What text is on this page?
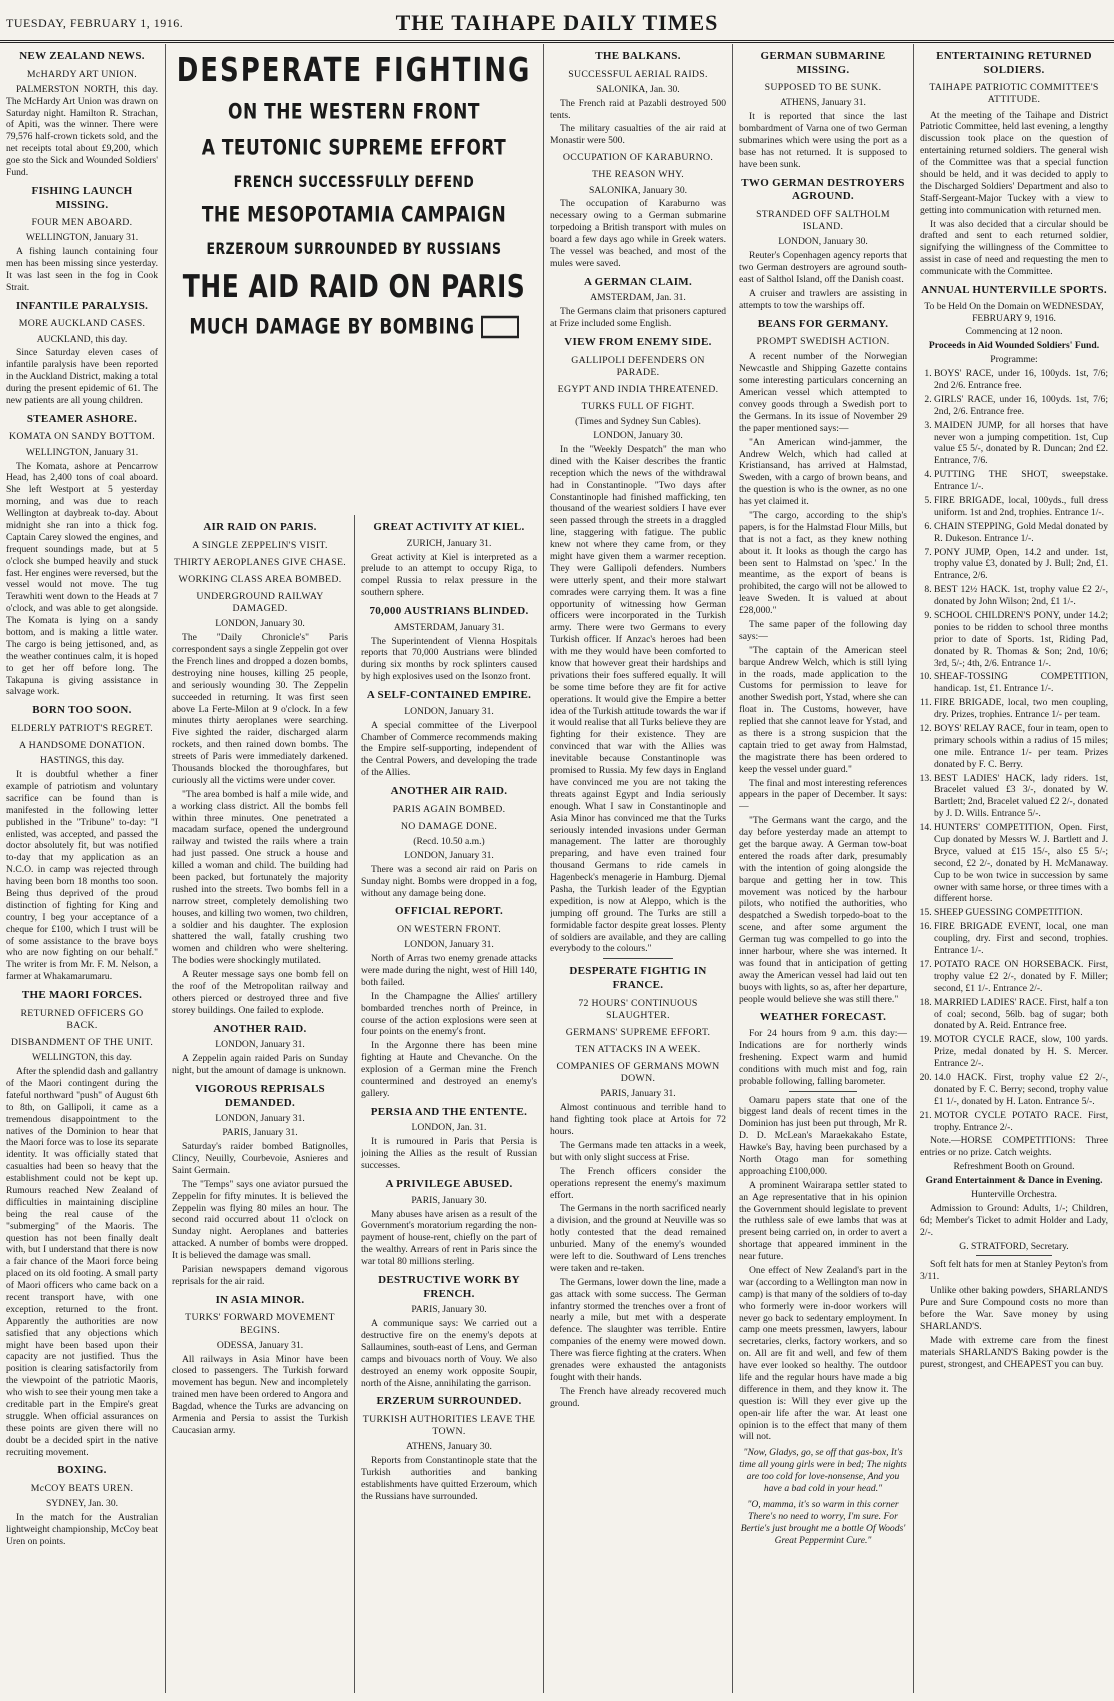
TUESDAY, FEBRUARY 1, 1916.	THE TAIHAPE DAILY TIMES
NEW ZEALAND NEWS.
McHARDY ART UNION.

PALMERSTON NORTH, this day. The McHardy Art Union was drawn on Saturday night. Hamilton R. Strachan, of Apiti, was the winner. There were 79,576 half-crown tickets sold, and the net receipts total about £9,200, which goe sto the Sick and Wounded Soldiers' Fund.

FISHING LAUNCH MISSING.
FOUR MEN ABOARD.
WELLINGTON, January 31.

A fishing launch containing four men has been missing since yesterday. It was last seen in the fog in Cook Strait.

INFANTILE PARALYSIS.
MORE AUCKLAND CASES.
AUCKLAND, this day.

Since Saturday eleven cases of infantile paralysis have been reported in the Auckland District, making a total during the present epidemic of 61. The new patients are all young children.

STEAMER ASHORE.
KOMATA ON SANDY BOTTOM.
WELLINGTON, January 31.

The Komata, ashore at Pencarrow Head, has 2,400 tons of coal aboard. She left Westport at 5 yesterday morning, and was due to reach Wellington at daybreak to-day. About midnight she ran into a thick fog. Captain Carey slowed the engines, and frequent soundings made, but at 5 o'clock she bumped heavily and stuck fast. Her engines were reversed, but the vessel would not move. The tug Terawhiti went down to the Heads at 7 o'clock, and was able to get alongside. The Komata is lying on a sandy bottom, and is making a little water. The cargo is being jettisoned, and, as the weather continues calm, it is hoped to get her off before long. The Takapuna is giving assistance in salvage work.

BORN TOO SOON.
ELDERLY PATRIOT'S REGRET.
A HANDSOME DONATION.
HASTINGS, this day.

It is doubtful whether a finer example of patriotism and voluntary sacrifice can be found than is manifested in the following letter published in the "Tribune" to-day: "I enlisted, was accepted, and passed the doctor absolutely fit, but was notified to-day that my application as an N.C.O. in camp was rejected through having been born 18 months too soon. Being thus deprived of the proud distinction of fighting for King and country, I beg your acceptance of a cheque for £100, which I trust will be of some assistance to the brave boys who are now fighting on our behalf." The writer is from Mr. F. M. Nelson, a farmer at Whakamarumaru.

THE MAORI FORCES.
RETURNED OFFICERS GO BACK.
DISBANDMENT OF THE UNIT.
WELLINGTON, this day.

After the splendid dash and gallantry of the Maori contingent during the fateful northward "push" of August 6th to 8th, on Gallipoli, it came as a tremendous disappointment to the natives of the Dominion to hear that the Maori force was to lose its separate identity. It was officially stated that casualties had been so heavy that the establishment could not be kept up. Rumours reached New Zealand of difficulties in maintaining discipline being the real cause of the "submerging" of the Maoris. The question has not been finally dealt with, but I understand that there is now a fair chance of the Maori force being placed on its old footing. A small party of Maori officers who came back on a recent transport have, with one exception, returned to the front. Apparently the authorities are now satisfied that any objections which might have been based upon their capacity are not justified. Thus the position is clearing satisfactorily from the viewpoint of the patriotic Maoris, who wish to see their young men take a creditable part in the Empire's great struggle. When official assurances on these points are given there will no doubt be a decided spirt in the native recruiting movement.

BOXING.
McCOY BEATS UREN.
SYDNEY, Jan. 30.

In the match for the Australian lightweight championship, McCoy beat Uren on points.

DESPERATE FIGHTING
ON THE WESTERN FRONT
A TEUTONIC SUPREME EFFORT
FRENCH SUCCESSFULLY DEFEND
THE MESOPOTAMIA CAMPAIGN
ERZEROUM SURROUNDED BY RUSSIANS
THE AID RAID ON PARIS
MUCH DAMAGE BY BOMBING
AIR RAID ON PARIS.
A SINGLE ZEPPELIN'S VISIT.
THIRTY AEROPLANES GIVE CHASE.
WORKING CLASS AREA BOMBED.
UNDERGROUND RAILWAY DAMAGED.
LONDON, January 30.

The "Daily Chronicle's" Paris correspondent says a single Zeppelin got over the French lines and dropped a dozen bombs, destroying nine houses, killing 25 people, and seriously wounding 30. The Zeppelin succeeded in returning. It was first seen above La Ferte-Milon at 9 o'clock. In a few minutes thirty aeroplanes were searching. Five sighted the raider, discharged alarm rockets, and then rained down bombs. The streets of Paris were immediately darkened. Thousands blocked the thoroughfares, but curiously all the victims were under cover.

"The area bombed is half a mile wide, and a working class district. All the bombs fell within three minutes. One penetrated a macadam surface, opened the underground railway and twisted the rails where a train had just passed. One struck a house and killed a woman and child. The building had been packed, but fortunately the majority rushed into the streets. Two bombs fell in a narrow street, completely demolishing two houses, and killing two women, two children, a soldier and his daughter. The explosion shattered the wall, fatally crushing two women and children who were sheltering. The bodies were shockingly mutilated.

A Reuter message says one bomb fell on the roof of the Metropolitan railway and others pierced or destroyed three and five storey buildings. One failed to explode.

ANOTHER RAID.
LONDON, January 31.

A Zeppelin again raided Paris on Sunday night, but the amount of damage is unknown.

VIGOROUS REPRISALS DEMANDED.
LONDON, January 31.
PARIS, January 31.

Saturday's raider bombed Batignolles, Clincy, Neuilly, Courbevoie, Asnieres and Saint Germain.

The "Temps" says one aviator pursued the Zeppelin for fifty minutes. It is believed the Zeppelin was flying 80 miles an hour. The second raid occurred about 11 o'clock on Sunday night. Aeroplanes and batteries attacked. A number of bombs were dropped. It is believed the damage was small.

Parisian newspapers demand vigorous reprisals for the air raid.

IN ASIA MINOR.
TURKS' FORWARD MOVEMENT BEGINS.
ODESSA, January 31.

All railways in Asia Minor have been closed to passengers. The Turkish forward movement has begun. New and incompletely trained men have been ordered to Angora and Bagdad, whence the Turks are advancing on Armenia and Persia to assist the Turkish Caucasian army.

GREAT ACTIVITY AT KIEL.
ZURICH, January 31.

Great activity at Kiel is interpreted as a prelude to an attempt to occupy Riga, to compel Russia to relax pressure in the southern sphere.

70,000 AUSTRIANS BLINDED.
AMSTERDAM, January 31.

The Superintendent of Vienna Hospitals reports that 70,000 Austrians were blinded during six months by rock splinters caused by high explosives used on the Isonzo front.

A SELF-CONTAINED EMPIRE.
LONDON, January 31.

A special committee of the Liverpool Chamber of Commerce recommends making the Empire self-supporting, independent of the Central Powers, and developing the trade of the Allies.

ANOTHER AIR RAID.
PARIS AGAIN BOMBED.
NO DAMAGE DONE.
(Recd. 10.50 a.m.)
LONDON, January 31.

There was a second air raid on Paris on Sunday night. Bombs were dropped in a fog, without any damage being done.

OFFICIAL REPORT.
ON WESTERN FRONT.
LONDON, January 31.

North of Arras two enemy grenade attacks were made during the night, west of Hill 140, both failed.

In the Champagne the Allies' artillery bombarded trenches north of Preince, in course of the action explosions were seen at four points on the enemy's front.

In the Argonne there has been mine fighting at Haute and Chevanche. On the explosion of a German mine the French countermined and destroyed an enemy's gallery.

PERSIA AND THE ENTENTE.
LONDON, Jan. 31.

It is rumoured in Paris that Persia is joining the Allies as the result of Russian successes.

A PRIVILEGE ABUSED.
PARIS, January 30.

Many abuses have arisen as a result of the Government's moratorium regarding the non-payment of house-rent, chiefly on the part of the wealthy. Arrears of rent in Paris since the war total 80 millions sterling.

DESTRUCTIVE WORK BY FRENCH.
PARIS, January 30.

A communique says: We carried out a destructive fire on the enemy's depots at Sallaumines, south-east of Lens, and German camps and bivouacs north of Vouy. We also destroyed an enemy work opposite Soupir, north of the Aisne, annihilating the garrison.

ERZERUM SURROUNDED.
TURKISH AUTHORITIES LEAVE THE TOWN.
ATHENS, January 30.

Reports from Constantinople state that the Turkish authorities and banking establishments have quitted Erzeroum, which the Russians have surrounded.

THE BALKANS.
SUCCESSFUL AERIAL RAIDS.
SALONIKA, Jan. 30.

The French raid at Pazabli destroyed 500 tents.

The military casualties of the air raid at Monastir were 500.

OCCUPATION OF KARABURNO.
THE REASON WHY.
SALONIKA, January 30.

The occupation of Karaburno was necessary owing to a German submarine torpedoing a British transport with mules on board a few days ago while in Greek waters. The vessel was beached, and most of the mules were saved.

A GERMAN CLAIM.
AMSTERDAM, Jan. 31.

The Germans claim that prisoners captured at Frize included some English.

VIEW FROM ENEMY SIDE.
GALLIPOLI DEFENDERS ON PARADE.
EGYPT AND INDIA THREATENED.
TURKS FULL OF FIGHT.
(Times and Sydney Sun Cables).
LONDON, January 30.

In the "Weekly Despatch" the man who dined with the Kaiser describes the frantic reception which the news of the withdrawal had in Constantinople. "Two days after Constantinople had finished mafficking, ten thousand of the weariest soldiers I have ever seen passed through the streets in a draggled line, staggering with fatigue. The public knew not where they came from, or they might have given them a warmer reception. They were Gallipoli defenders. Numbers were utterly spent, and their more stalwart comrades were carrying them. It was a fine opportunity of witnessing how German officers were incorporated in the Turkish army. There were two Germans to every Turkish officer. If Anzac's heroes had been with me they would have been comforted to know that however great their hardships and privations their foes suffered equally. It will be some time before they are fit for active operations. It would give the Empire a better idea of the Turkish attitude towards the war if it would realise that all Turks believe they are fighting for their existence. They are convinced that war with the Allies was inevitable because Constantinople was promised to Russia. My few days in England have convinced me you are not taking the threats against Egypt and India seriously enough. What I saw in Constantinople and Asia Minor has convinced me that the Turks seriously intended invasions under German management. The latter are thoroughly preparing, and have even trained four thousand Germans to ride camels in Hagenbeck's menagerie in Hamburg. Djemal Pasha, the Turkish leader of the Egyptian expedition, is now at Aleppo, which is the jumping off ground. The Turks are still a formidable factor despite great losses. Plenty of soldiers are available, and they are calling everybody to the colours."

DESPERATE FIGHTIG IN FRANCE.
72 HOURS' CONTINUOUS SLAUGHTER.
GERMANS' SUPREME EFFORT.
TEN ATTACKS IN A WEEK.
COMPANIES OF GERMANS MOWN DOWN.
PARIS, January 31.

Almost continuous and terrible hand to hand fighting took place at Artois for 72 hours.

The Germans made ten attacks in a week, but with only slight success at Frise.

The French officers consider the operations represent the enemy's maximum effort.

The Germans in the north sacrificed nearly a division, and the ground at Neuville was so hotly contested that the dead remained unburied. Many of the enemy's wounded were left to die. Southward of Lens trenches were taken and re-taken.

The Germans, lower down the line, made a gas attack with some success. The German infantry stormed the trenches over a front of nearly a mile, but met with a desperate defence. The slaughter was terrible. Entire companies of the enemy were mowed down. There was fierce fighting at the craters. When grenades were exhausted the antagonists fought with their hands.

The French have already recovered much ground.

GERMAN SUBMARINE MISSING.
SUPPOSED TO BE SUNK.
ATHENS, January 31.

It is reported that since the last bombardment of Varna one of two German submarines which were using the port as a base has not returned. It is supposed to have been sunk.

TWO GERMAN DESTROYERS AGROUND.
STRANDED OFF SALTHOLM ISLAND.
LONDON, January 30.

Reuter's Copenhagen agency reports that two German destroyers are aground south-east of Salthol Island, off the Danish coast.

A cruiser and trawlers are assisting in attempts to tow the warships off.

BEANS FOR GERMANY.
PROMPT SWEDISH ACTION.

A recent number of the Norwegian Newcastle and Shipping Gazette contains some interesting particulars concerning an American vessel which attempted to convey goods through a Swedish port to the Germans. In its issue of November 29 the paper mentioned says:—

"An American wind-jammer, the Andrew Welch, which had called at Kristiansand, has arrived at Halmstad, Sweden, with a cargo of brown beans, and the question is who is the owner, as no one has yet claimed it.

"The cargo, according to the ship's papers, is for the Halmstad Flour Mills, but that is not a fact, as they knew nothing about it. It looks as though the cargo has been sent to Halmstad on 'spec.' In the meantime, as the export of beans is prohibited, the cargo will not be allowed to leave Sweden. It is valued at about £28,000."

The same paper of the following day says:—

"The captain of the American steel barque Andrew Welch, which is still lying in the roads, made application to the Customs for permission to leave for another Swedish port, Ystad, where she can float in. The Customs, however, have replied that she cannot leave for Ystad, and as there is a strong suspicion that the captain tried to get away from Halmstad, the magistrate there has been ordered to keep the vessel under guard."

The final and most interesting references appears in the paper of December. It says:—

"The Germans want the cargo, and the day before yesterday made an attempt to get the barque away. A German tow-boat entered the roads after dark, presumably with the intention of going alongside the barque and getting her in tow. This movement was noticed by the harbour pilots, who notified the authorities, who despatched a Swedish torpedo-boat to the scene, and after some argument the German tug was compelled to go into the inner harbour, where she was interned. It was found that in anticipation of getting away the American vessel had laid out ten buoys with lights, so as, after her departure, people would believe she was still there."

WEATHER FORECAST.

For 24 hours from 9 a.m. this day:— Indications are for northerly winds freshening. Expect warm and humid conditions with much mist and fog, rain probable following, falling barometer.

Oamaru papers state that one of the biggest land deals of recent times in the Dominion has just been put through, Mr R. D. D. McLean's Maraekakaho Estate, Hawke's Bay, having been purchased by a North Otago man for something approaching £100,000.

A prominent Wairarapa settler stated to an Age representative that in his opinion the Government should legislate to prevent the ruthless sale of ewe lambs that was at present being carried on, in order to avert a shortage that appeared imminent in the near future.

One effect of New Zealand's part in the war (according to a Wellington man now in camp) is that many of the soldiers of to-day who formerly were in-door workers will never go back to sedentary employment. In camp one meets pressmen, lawyers, labour secretaries, clerks, factory workers, and so on. All are fit and well, and few of them have ever looked so healthy. The outdoor life and the regular hours have made a big difference in them, and they know it. The question is: Will they ever give up the open-air life after the war. At least one opinion is to the effect that many of them will not.

"Now, Gladys, go, se off that gas-box, It's time all young girls were in bed; The nights are too cold for love-nonsense, And you have a bad cold in your head."
"O, mamma, it's so warm in this corner There's no need to worry, I'm sure. For Bertie's just brought me a bottle Of Woods' Great Peppermint Cure."
ENTERTAINING RETURNED SOLDIERS.
TAIHAPE PATRIOTIC COMMITTEE'S ATTITUDE.

At the meeting of the Taihape and District Patriotic Committee, held last evening, a lengthy discussion took place on the question of entertaining returned soldiers. The general wish of the Committee was that a special function should be held, and it was decided to apply to the Discharged Soldiers' Department and also to Staff-Sergeant-Major Tuckey with a view to getting into communication with returned men.

It was also decided that a circular should be drafted and sent to each returned soldier, signifying the willingness of the Committee to assist in case of need and requesting the men to communicate with the Committee.

ANNUAL HUNTERVILLE SPORTS.
To be Held On the Domain on WEDNESDAY, FEBRUARY 9, 1916.
Commencing at 12 noon.
Proceeds in Aid Wounded Soldiers' Fund.
Programme:
1. BOYS' RACE, under 16, 100yds. 1st, 7/6; 2nd 2/6. Entrance free.
2. GIRLS' RACE, under 16, 100yds. 1st, 7/6; 2nd, 2/6. Entrance free.
3. MAIDEN JUMP, for all horses that have never won a jumping competition. 1st, Cup value £5 5/-, donated by R. Duncan; 2nd £2. Entrance, 7/6.
4. PUTTING THE SHOT, sweepstake. Entrance 1/-.
5. FIRE BRIGADE, local, 100yds., full dress uniform. 1st and 2nd, trophies. Entrance 1/-.
6. CHAIN STEPPING, Gold Medal donated by R. Dukeson. Entrance 1/-.
7. PONY JUMP, Open, 14.2 and under. 1st, trophy value £3, donated by J. Bull; 2nd, £1. Entrance, 2/6.
8. BEST 12½ HACK. 1st, trophy value £2 2/-, donated by John Wilson; 2nd, £1 1/-.
9. SCHOOL CHILDREN'S PONY, under 14.2; ponies to be ridden to school three months prior to date of Sports. 1st, Riding Pad, donated by R. Thomas & Son; 2nd, 10/6; 3rd, 5/-; 4th, 2/6. Entrance 1/-.
10. SHEAF-TOSSING COMPETITION, handicap. 1st, £1. Entrance 1/-.
11. FIRE BRIGADE, local, two men coupling, dry. Prizes, trophies. Entrance 1/- per team.
12. BOYS' RELAY RACE, four in team, open to primary schools within a radius of 15 miles; one mile. Entrance 1/- per team. Prizes donated by F. C. Berry.
13. BEST LADIES' HACK, lady riders. 1st, Bracelet valued £3 3/-, donated by W. Bartlett; 2nd, Bracelet valued £2 2/-, donated by J. D. Wills. Entrance 5/-.
14. HUNTERS' COMPETITION, Open. First, Cup donated by Messrs W. J. Bartlett and J. Bryce, valued at £15 15/-, also £5 5/-; second, £2 2/-, donated by H. McManaway. Cup to be won twice in succession by same owner with same horse, or three times with a different horse.
15. SHEEP GUESSING COMPETITION.
16. FIRE BRIGADE EVENT, local, one man coupling, dry. First and second, trophies. Entrance 1/-.
17. POTATO RACE ON HORSEBACK. First, trophy value £2 2/-, donated by F. Miller; second, £1 1/-. Entrance 2/-.
18. MARRIED LADIES' RACE. First, half a ton of coal; second, 56lb. bag of sugar; both donated by A. Reid. Entrance free.
19. MOTOR CYCLE RACE, slow, 100 yards. Prize, medal donated by H. S. Mercer. Entrance 2/-.
20. 14.0 HACK. First, trophy value £2 2/-, donated by F. C. Berry; second, trophy value £1 1/-, donated by H. Laton. Entrance 5/-.
21. MOTOR CYCLE POTATO RACE. First, trophy. Entrance 2/-.

Note.—HORSE COMPETITIONS: Three entries or no prize. Catch weights.

Refreshment Booth on Ground.
Grand Entertainment & Dance in Evening.
Hunterville Orchestra.

Admission to Ground: Adults, 1/-; Children, 6d; Member's Ticket to admit Holder and Lady, 2/-.

G. STRATFORD, Secretary.

Soft felt hats for men at Stanley Peyton's from 3/11.

Unlike other baking powders, SHARLAND'S Pure and Sure Compound costs no more than before the War. Save money by using SHARLAND'S.

Made with extreme care from the finest materials SHARLAND'S Baking powder is the purest, strongest, and CHEAPEST you can buy.
